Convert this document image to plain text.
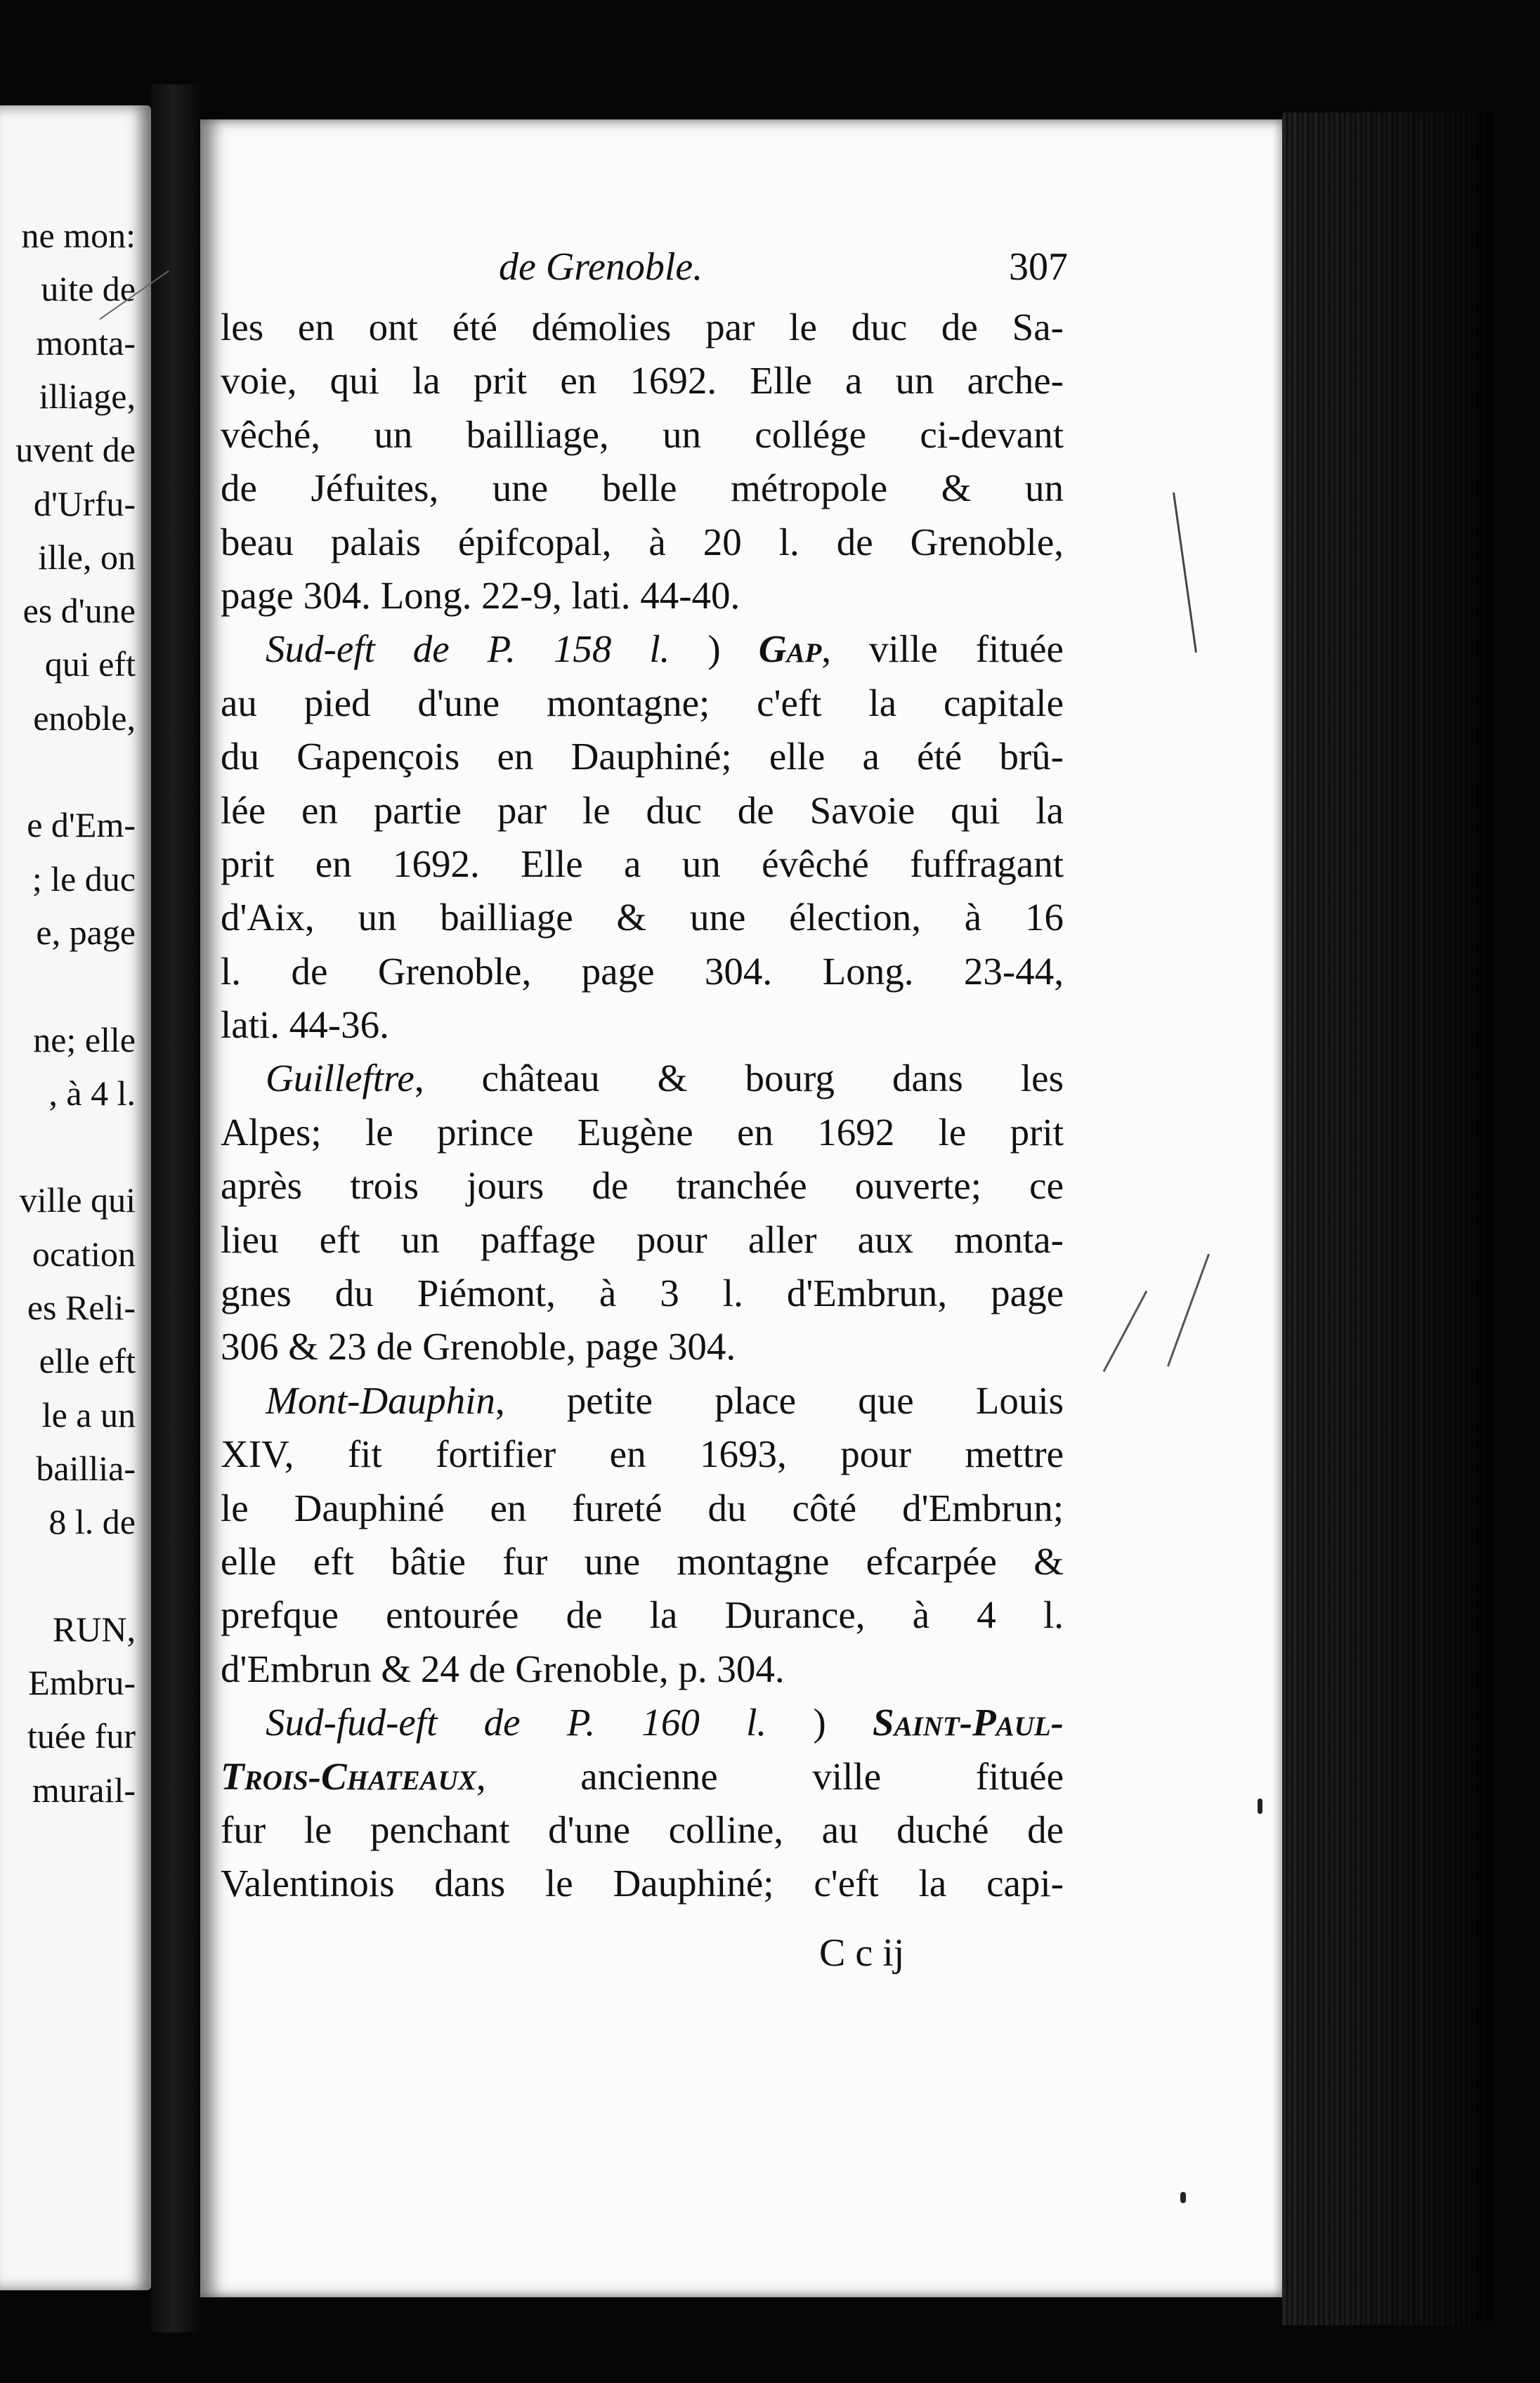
ne mon:
uite de
monta-
illiage,
uvent de
d'Urfu-
ille, on
es d'une
qui eft
enoble,
e d'Em-
; le duc
e, page
ne; elle
, à 4 l.
ville qui
ocation
es Reli-
elle eft
le a un
baillia-
8 l. de
RUN,
Embru-
tuée fur
murail-
de Grenoble.	307
les en ont été démolies par le duc de Sa-
voie, qui la prit en 1692. Elle a un arche-
vêché, un bailliage, un collége ci-devant
de Jéfuites, une belle métropole & un
beau palais épifcopal, à 20 l. de Grenoble,
page 304. Long. 22-9, lati. 44-40.
Sud-eft de P. 158 l. ) Gap, ville fituée
au pied d'une montagne; c'eft la capitale
du Gapençois en Dauphiné; elle a été brû-
lée en partie par le duc de Savoie qui la
prit en 1692. Elle a un évêché fuffragant
d'Aix, un bailliage & une élection, à 16
l. de Grenoble, page 304. Long. 23-44,
lati. 44-36.
Guilleftre, château & bourg dans les
Alpes; le prince Eugène en 1692 le prit
après trois jours de tranchée ouverte; ce
lieu eft un paffage pour aller aux monta-
gnes du Piémont, à 3 l. d'Embrun, page
306 & 23 de Grenoble, page 304.
Mont-Dauphin, petite place que Louis
XIV, fit fortifier en 1693, pour mettre
le Dauphiné en fureté du côté d'Embrun;
elle eft bâtie fur une montagne efcarpée &
prefque entourée de la Durance, à 4 l.
d'Embrun & 24 de Grenoble, p. 304.
Sud-fud-eft de P. 160 l. ) Saint-Paul-
Trois-Chateaux, ancienne ville fituée
fur le penchant d'une colline, au duché de
Valentinois dans le Dauphiné; c'eft la capi-
C c ij
